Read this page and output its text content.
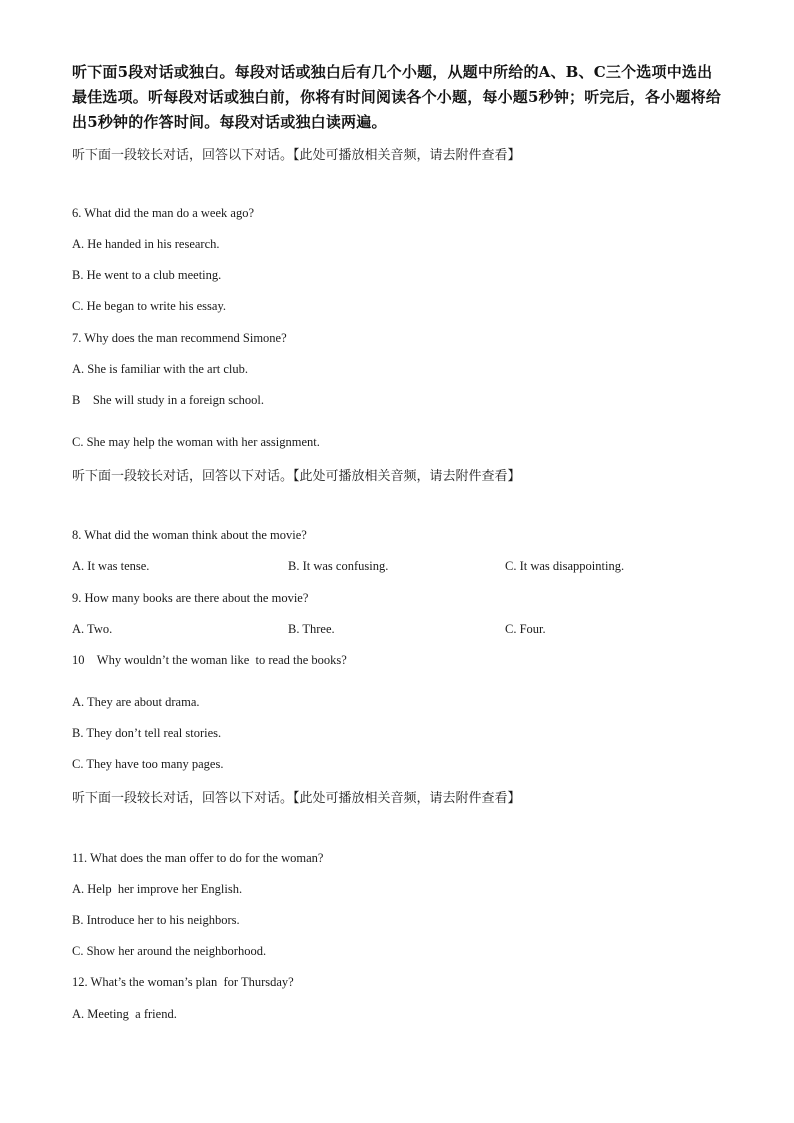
听下面5段对话或独白。每段对话或独白后有几个小题，从题中所给的A、B、C三个选项中选出最佳选项。听每段对话或独白前，你将有时间阅读各个小题，每小题5秒钟；听完后，各小题将给出5秒钟的作答时间。每段对话或独白读两遍。
听下面一段较长对话，回答以下对话。【此处可播放相关音频，请去附件查看】
6. What did the man do a week ago?
A. He handed in his research.
B. He went to a club meeting.
C. He began to write his essay.
7. Why does the man recommend Simone?
A. She is familiar with the art club.
B    She will study in a foreign school.
C. She may help the woman with her assignment.
听下面一段较长对话，回答以下对话。【此处可播放相关音频，请去附件查看】
8. What did the woman think about the movie?
A. It was tense.	B. It was confusing.	C. It was disappointing.
9. How many books are there about the movie?
A. Two.	B. Three.	C. Four.
10    Why wouldn’t the woman like  to read the books?
A. They are about drama.
B. They don’t tell real stories.
C. They have too many pages.
听下面一段较长对话，回答以下对话。【此处可播放相关音频，请去附件查看】
11. What does the man offer to do for the woman?
A. Help  her improve her English.
B. Introduce her to his neighbors.
C. Show her around the neighborhood.
12. What’s the woman’s plan  for Thursday?
A. Meeting  a friend.
